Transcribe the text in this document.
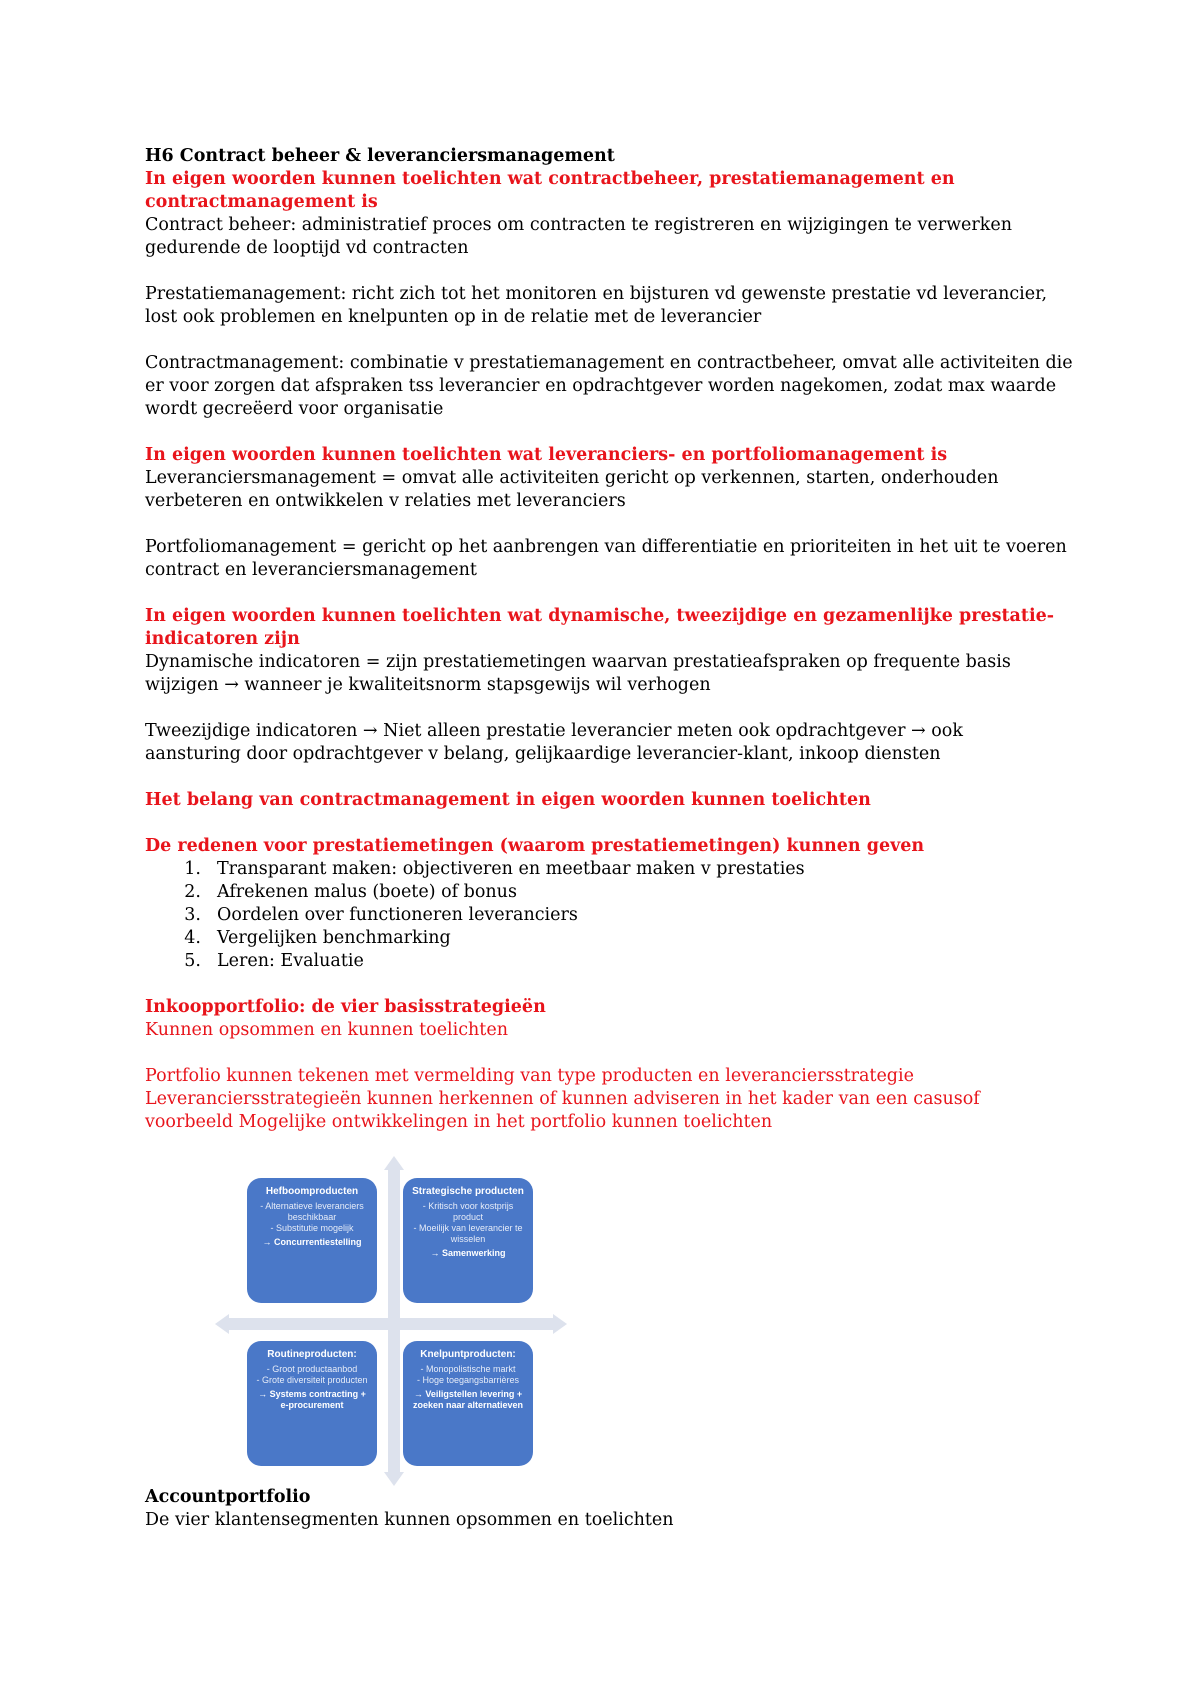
H6 Contract beheer & leveranciersmanagement
In eigen woorden kunnen toelichten wat contractbeheer, prestatiemanagement en
contractmanagement is
Contract beheer: administratief proces om contracten te registreren en wijzigingen te verwerken
gedurende de looptijd vd contracten
Prestatiemanagement: richt zich tot het monitoren en bijsturen vd gewenste prestatie vd leverancier,
lost ook problemen en knelpunten op in de relatie met de leverancier
Contractmanagement: combinatie v prestatiemanagement en contractbeheer, omvat alle activiteiten die
er voor zorgen dat afspraken tss leverancier en opdrachtgever worden nagekomen, zodat max waarde
wordt gecreëerd voor organisatie
In eigen woorden kunnen toelichten wat leveranciers- en portfoliomanagement is
Leveranciersmanagement = omvat alle activiteiten gericht op verkennen, starten, onderhouden
verbeteren en ontwikkelen v relaties met leveranciers
Portfoliomanagement = gericht op het aanbrengen van differentiatie en prioriteiten in het uit te voeren
contract en leveranciersmanagement
In eigen woorden kunnen toelichten wat dynamische, tweezijdige en gezamenlijke prestatie-
indicatoren zijn
Dynamische indicatoren = zijn prestatiemetingen waarvan prestatieafspraken op frequente basis
wijzigen → wanneer je kwaliteitsnorm stapsgewijs wil verhogen
Tweezijdige indicatoren → Niet alleen prestatie leverancier meten ook opdrachtgever → ook
aansturing door opdrachtgever v belang, gelijkaardige leverancier-klant, inkoop diensten
Het belang van contractmanagement in eigen woorden kunnen toelichten
De redenen voor prestatiemetingen (waarom prestatiemetingen) kunnen geven
1. Transparant maken: objectiveren en meetbaar maken v prestaties
2. Afrekenen malus (boete) of bonus
3. Oordelen over functioneren leveranciers
4. Vergelijken benchmarking
5. Leren: Evaluatie
Inkoopportfolio: de vier basisstrategieën
Kunnen opsommen en kunnen toelichten
Portfolio kunnen tekenen met vermelding van type producten en leveranciersstrategie
Leveranciersstrategieën kunnen herkennen of kunnen adviseren in het kader van een casusof
voorbeeld Mogelijke ontwikkelingen in het portfolio kunnen toelichten
Hefboomproducten
- Alternatieve leveranciers beschikbaar
- Substitutie mogelijk
→ Concurrentiestelling
Strategische producten
- Kritisch voor kostprijs product
- Moeilijk van leverancier te wisselen
→ Samenwerking
Routineproducten:
- Groot productaanbod
- Grote diversiteit producten
→ Systems contracting + e-procurement
Knelpuntproducten:
- Monopolistische markt
- Hoge toegangsbarrières
→ Veiligstellen levering + zoeken naar alternatieven
Accountportfolio
De vier klantensegmenten kunnen opsommen en toelichten
